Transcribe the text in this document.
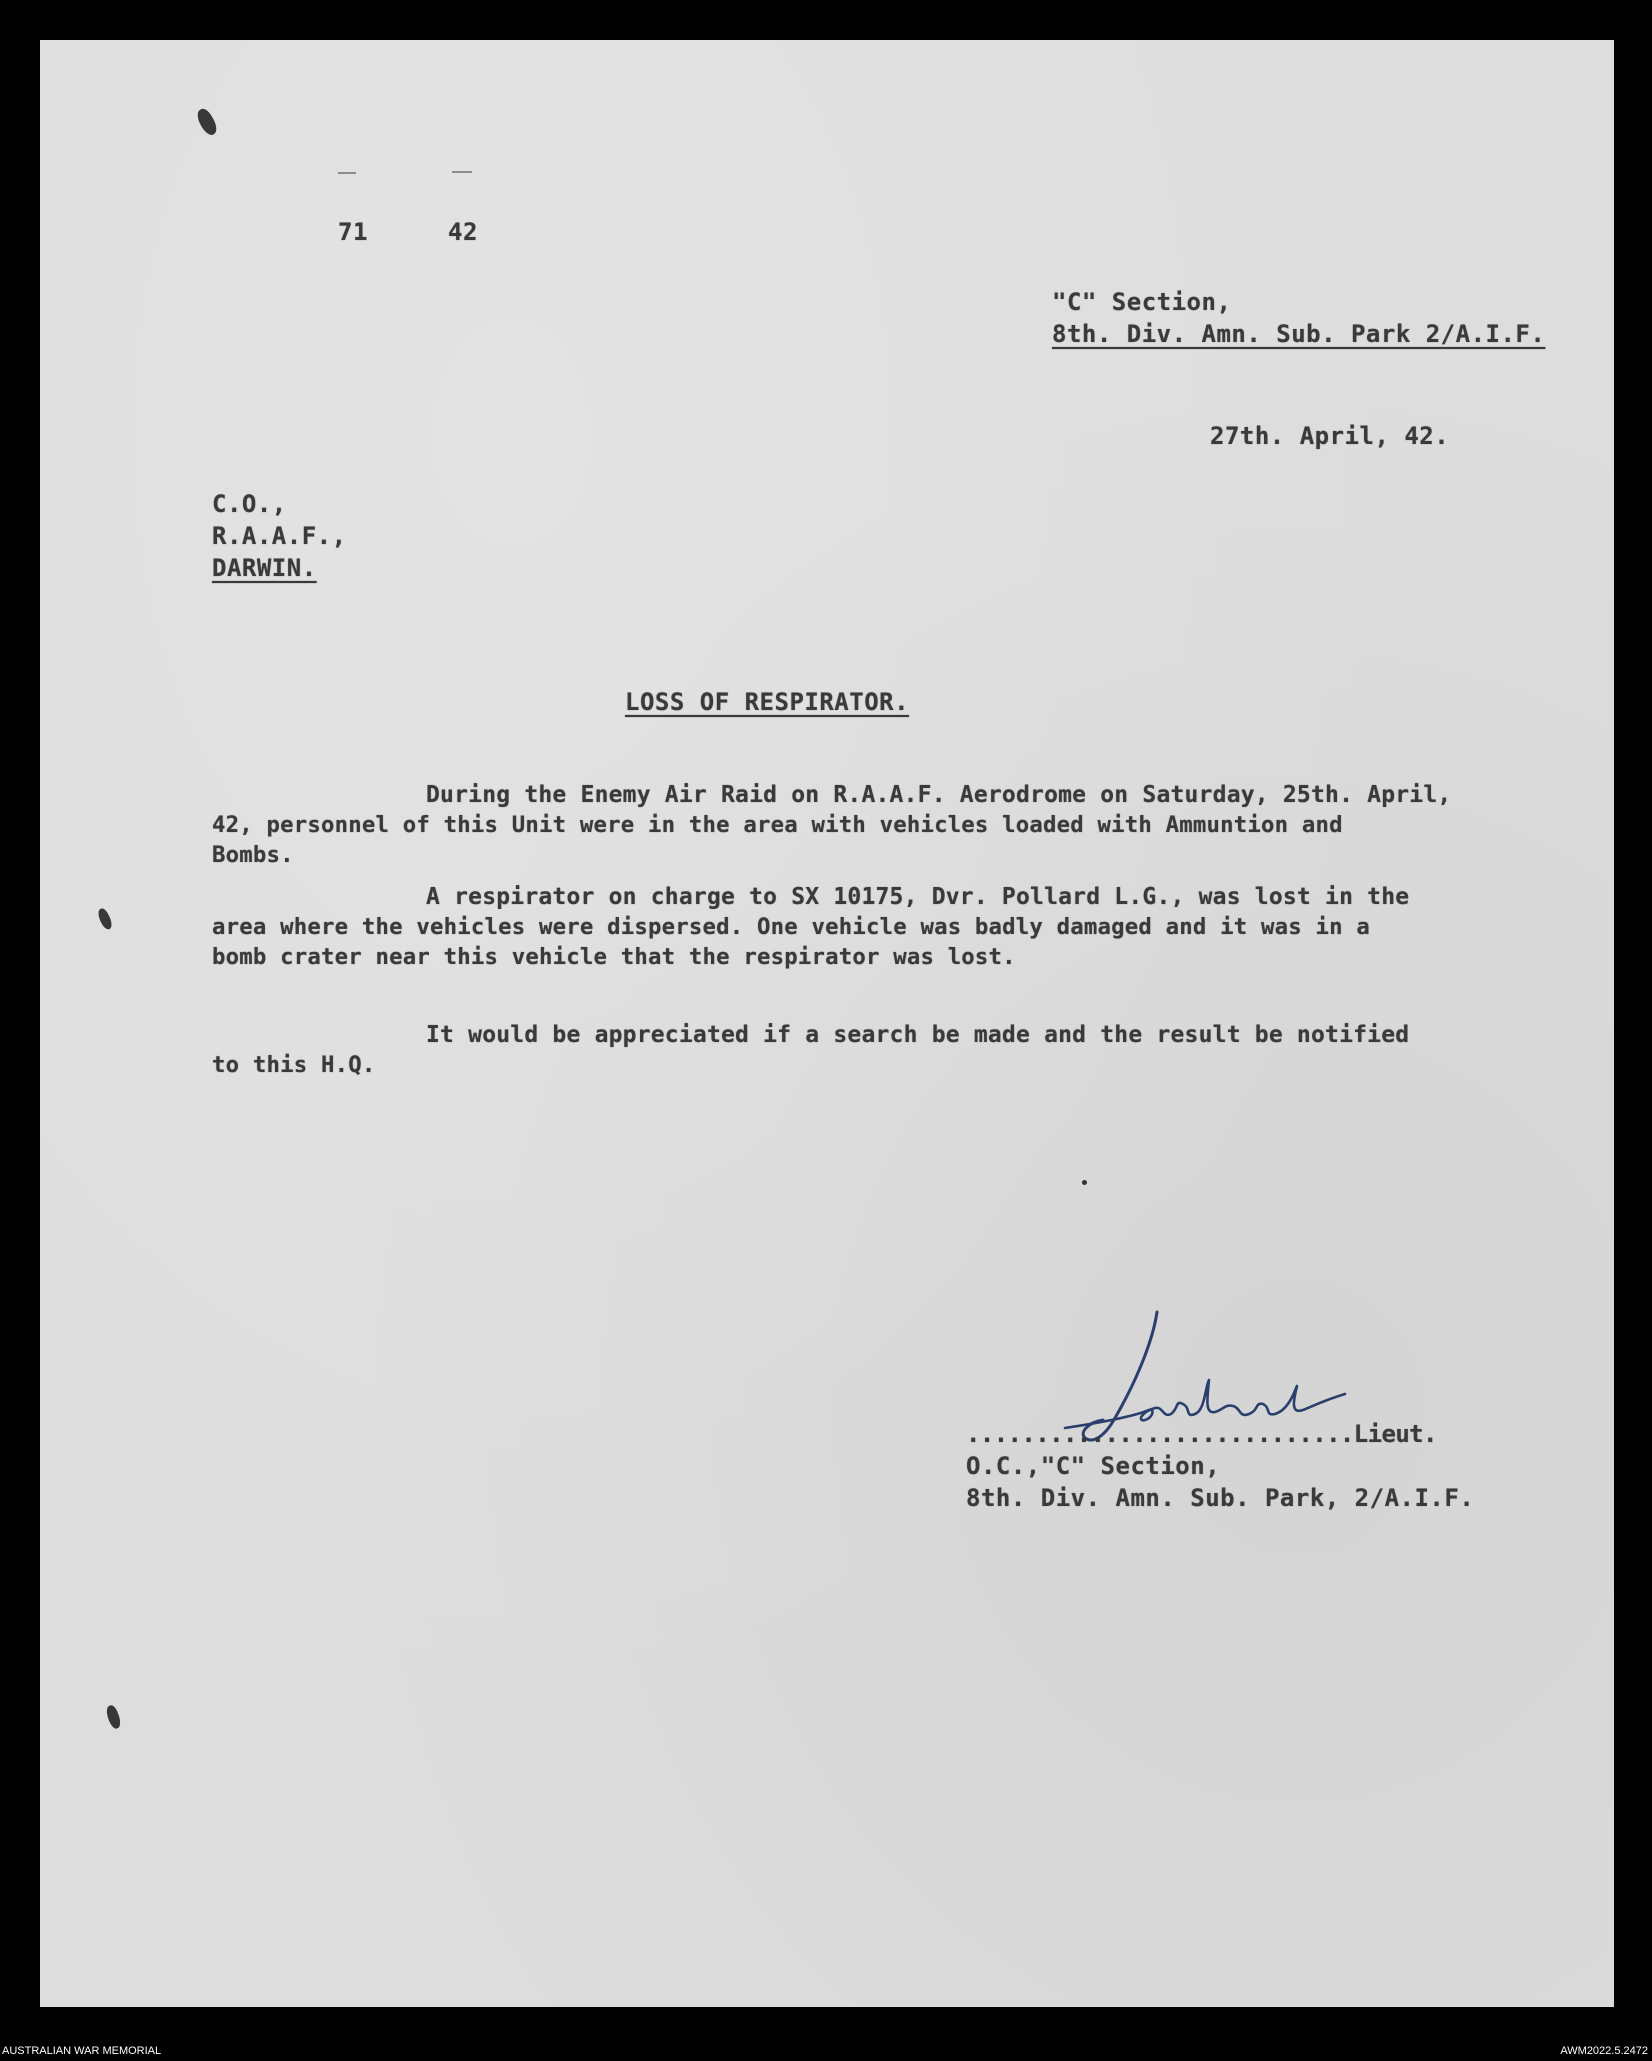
71	42
"C" Section,
8th. Div. Amn. Sub. Park 2/A.I.F.
27th. April, 42.
C.O.,
R.A.A.F.,
DARWIN.
LOSS OF RESPIRATOR.
During the Enemy Air Raid on R.A.A.F. Aerodrome on Saturday, 25th. April,
42, personnel of this Unit were in the area with vehicles loaded with Ammuntion and
Bombs.
A respirator on charge to SX 10175, Dvr. Pollard L.G., was lost in the
area where the vehicles were dispersed. One vehicle was badly damaged and it was in a
bomb crater near this vehicle that the respirator was lost.
It would be appreciated if a search be made and the result be notified
to this H.Q.
............................Lieut.
O.C.,"C" Section,
8th. Div. Amn. Sub. Park, 2/A.I.F.
AUSTRALIAN WAR MEMORIAL	AWM2022.5.2472
